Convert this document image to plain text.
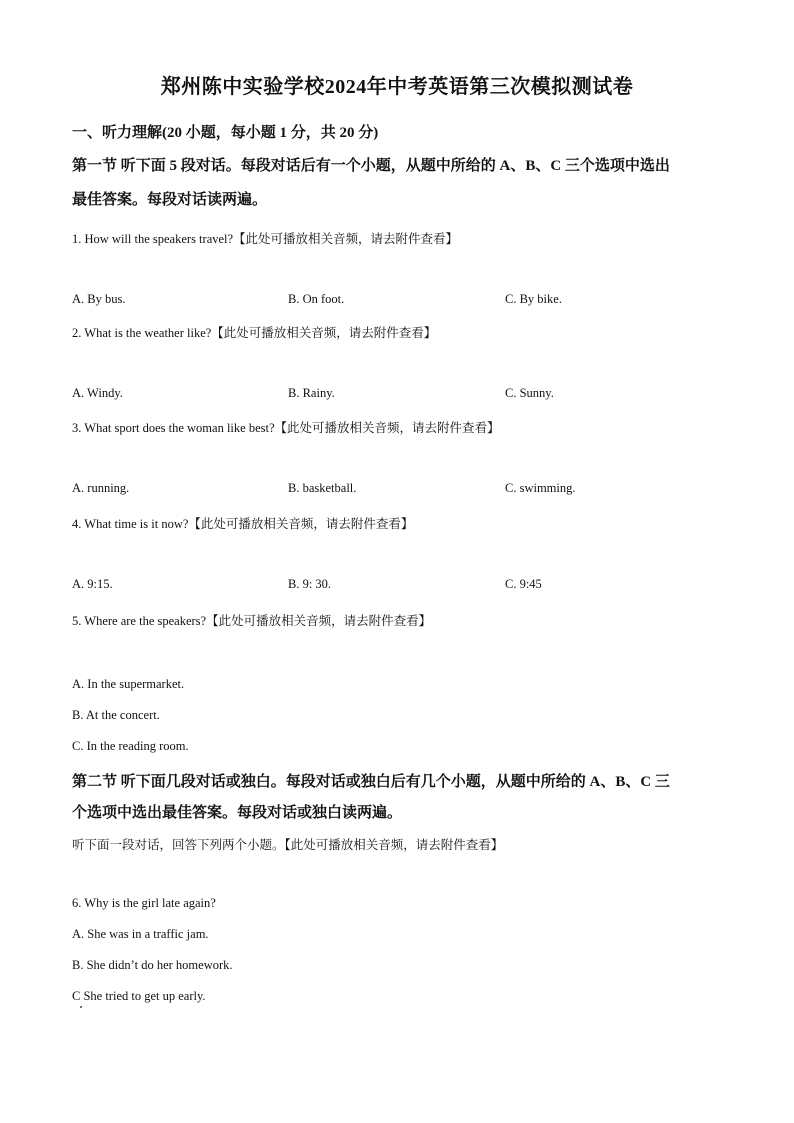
郑州陈中实验学校2024年中考英语第三次模拟测试卷
一、听力理解(20 小题，每小题 1 分，共 20 分)
第一节 听下面 5 段对话。每段对话后有一个小题，从题中所给的 A、B、C 三个选项中选出
最佳答案。每段对话读两遍。
1. How will the speakers travel?【此处可播放相关音频，请去附件查看】
A. By bus.	B. On foot.	C. By bike.
2. What is the weather like?【此处可播放相关音频，请去附件查看】
A. Windy.	B. Rainy.	C. Sunny.
3. What sport does the woman like best?【此处可播放相关音频，请去附件查看】
A. running.	B. basketball.	C. swimming.
4. What time is it now?【此处可播放相关音频，请去附件查看】
A. 9:15.	B. 9: 30.	C. 9:45
5. Where are the speakers?【此处可播放相关音频，请去附件查看】
A. In the supermarket.
B. At the concert.
C. In the reading room.
第二节 听下面几段对话或独白。每段对话或独白后有几个小题，从题中所给的 A、B、C 三
个选项中选出最佳答案。每段对话或独白读两遍。
听下面一段对话，回答下列两个小题。【此处可播放相关音频，请去附件查看】
6. Why is the girl late again?
A. She was in a traffic jam.
B. She didn’t do her homework.
C She tried to get up early.
